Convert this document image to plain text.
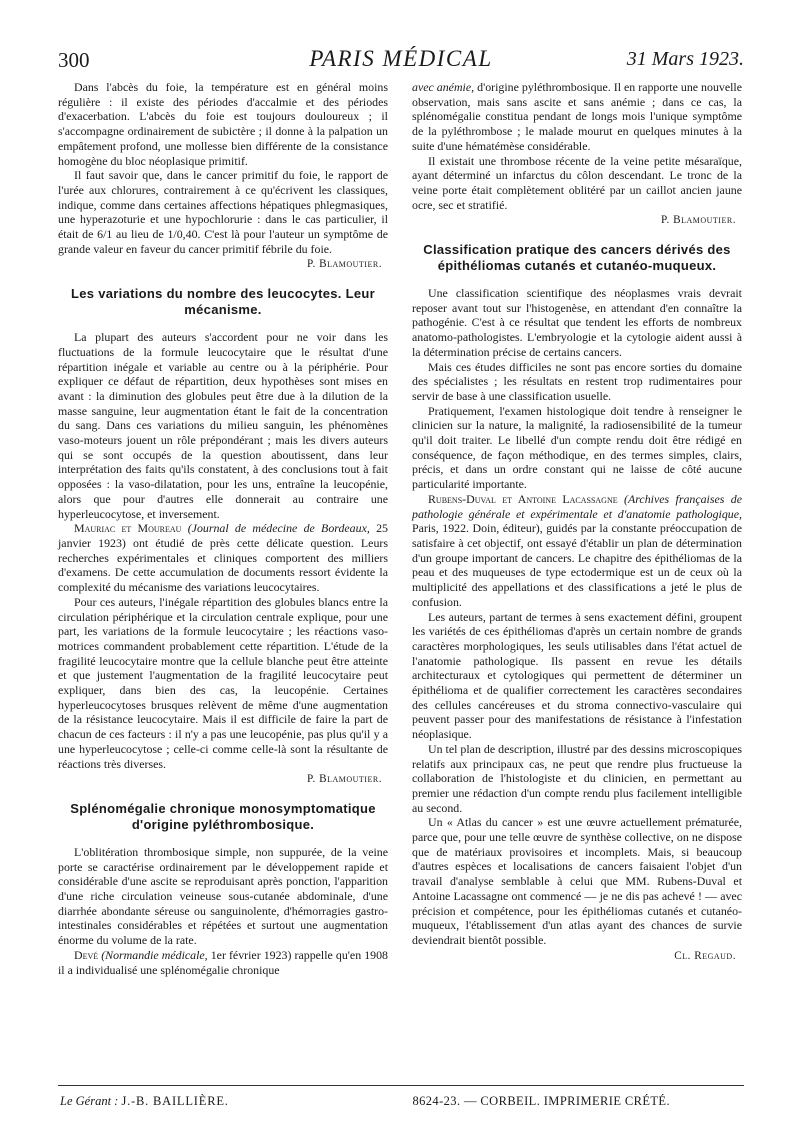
300	PARIS MÉDICAL	31 Mars 1923.

Dans l'abcès du foie, la température est en général moins régulière : il existe des périodes d'accalmie et des périodes d'exacerbation. L'abcès du foie est toujours douloureux ; il s'accompagne ordinairement de subictère ; il donne à la palpation un empâtement profond, une mollesse bien différente de la consistance homogène du bloc néoplasique primitif.

Il faut savoir que, dans le cancer primitif du foie, le rapport de l'urée aux chlorures, contrairement à ce qu'écrivent les classiques, indique, comme dans certaines affections hépatiques phlegmasiques, une hyperazoturie et une hypochlorurie : dans le cas particulier, il était de 6/1 au lieu de 1/0,40. C'est là pour l'auteur un symptôme de grande valeur en faveur du cancer primitif fébrile du foie.

P. Blamoutier.
Les variations du nombre des leucocytes. Leur mécanisme.

La plupart des auteurs s'accordent pour ne voir dans les fluctuations de la formule leucocytaire que le résultat d'une répartition inégale et variable au centre ou à la périphérie. Pour expliquer ce défaut de répartition, deux hypothèses sont mises en avant : la diminution des globules peut être due à la dilution de la masse sanguine, leur augmentation étant le fait de la concentration du sang. Dans ces variations du milieu sanguin, les phénomènes vaso-moteurs jouent un rôle prépondérant ; mais les divers auteurs qui se sont occupés de la question aboutissent, dans leur interprétation des faits qu'ils constatent, à des conclusions tout à fait opposées : la vaso-dilatation, pour les uns, entraîne la leucopénie, alors que pour d'autres elle donnerait au contraire une hyperleucocytose, et inversement.

Mauriac et Moureau (Journal de médecine de Bordeaux, 25 janvier 1923) ont étudié de près cette délicate question. Leurs recherches expérimentales et cliniques comportent des milliers d'examens. De cette accumulation de documents ressort évidente la complexité du mécanisme des variations leucocytaires.

Pour ces auteurs, l'inégale répartition des globules blancs entre la circulation périphérique et la circulation centrale explique, pour une part, les variations de la formule leucocytaire ; les réactions vaso-motrices commandent probablement cette répartition. L'étude de la fragilité leucocytaire montre que la cellule blanche peut être atteinte et que justement l'augmentation de la fragilité leucocytaire peut expliquer, dans bien des cas, la leucopénie. Certaines hyperleucocytoses brusques relèvent de même d'une augmentation de la résistance leucocytaire. Mais il est difficile de faire la part de chacun de ces facteurs : il n'y a pas une leucopénie, pas plus qu'il y a une hyperleucocytose ; celle-ci comme celle-là sont la résultante de réactions très diverses.

P. Blamoutier.
Splénomégalie chronique monosymptomatique d'origine pyléthrombosique.

L'oblitération thrombosique simple, non suppurée, de la veine porte se caractérise ordinairement par le développement rapide et considérable d'une ascite se reproduisant après ponction, l'apparition d'une riche circulation veineuse sous-cutanée abdominale, d'une diarrhée abondante séreuse ou sanguinolente, d'hémorragies gastro-intestinales considérables et répétées et surtout une augmentation énorme du volume de la rate.

Devé (Normandie médicale, 1er février 1923) rappelle qu'en 1908 il a individualisé une splénomégalie chronique

avec anémie, d'origine pyléthrombosique. Il en rapporte une nouvelle observation, mais sans ascite et sans anémie ; dans ce cas, la splénomégalie constitua pendant de longs mois l'unique symptôme de la pyléthrombose ; le malade mourut en quelques minutes à la suite d'une hématémèse considérable.

Il existait une thrombose récente de la veine petite mésaraïque, ayant déterminé un infarctus du côlon descendant. Le tronc de la veine porte était complètement oblitéré par un caillot ancien jaune ocre, sec et stratifié.

P. Blamoutier.
Classification pratique des cancers dérivés des épithéliomas cutanés et cutanéo-muqueux.

Une classification scientifique des néoplasmes vrais devrait reposer avant tout sur l'histogenèse, en attendant d'en connaître la pathogénie. C'est à ce résultat que tendent les efforts de nombreux anatomo-pathologistes. L'embryologie et la cytologie aident aussi à la détermination précise de certains cancers.

Mais ces études difficiles ne sont pas encore sorties du domaine des spécialistes ; les résultats en restent trop rudimentaires pour servir de base à une classification usuelle.

Pratiquement, l'examen histologique doit tendre à renseigner le clinicien sur la nature, la malignité, la radiosensibilité de la tumeur qu'il doit traiter. Le libellé d'un compte rendu doit être rédigé en conséquence, de façon méthodique, en des termes simples, clairs, précis, et dans un ordre constant qui ne laisse de côté aucune particularité importante.

Rubens-Duval et Antoine Lacassagne (Archives françaises de pathologie générale et expérimentale et d'anatomie pathologique, Paris, 1922. Doin, éditeur), guidés par la constante préoccupation de satisfaire à cet objectif, ont essayé d'établir un plan de détermination d'un groupe important de cancers. Le chapitre des épithéliomas de la peau et des muqueuses de type ectodermique est un de ceux où la multiplicité des appellations et des classifications a jeté le plus de confusion.

Les auteurs, partant de termes à sens exactement défini, groupent les variétés de ces épithéliomas d'après un certain nombre de grands caractères morphologiques, les seuls utilisables dans l'état actuel de l'anatomie pathologique. Ils passent en revue les détails architecturaux et cytologiques qui permettent de déterminer un épithélioma et de qualifier correctement les caractères secondaires des cellules cancéreuses et du stroma connectivo-vasculaire qui peuvent passer pour des manifestations de résistance à l'infestation néoplasique.

Un tel plan de description, illustré par des dessins microscopiques relatifs aux principaux cas, ne peut que rendre plus fructueuse la collaboration de l'histologiste et du clinicien, en permettant au premier une rédaction d'un compte rendu plus facilement intelligible au second.

Un « Atlas du cancer » est une œuvre actuellement prématurée, parce que, pour une telle œuvre de synthèse collective, on ne dispose que de matériaux provisoires et incomplets. Mais, si beaucoup d'autres espèces et localisations de cancers faisaient l'objet d'un travail d'analyse semblable à celui que MM. Rubens-Duval et Antoine Lacassagne ont commencé — je ne dis pas achevé ! — avec précision et compétence, pour les épithéliomas cutanés et cutanéo-muqueux, l'établissement d'un atlas ayant des chances de survie deviendrait bientôt possible.

Cl. Regaud.
Le Gérant : J.-B. BAILLIÈRE.	8624-23. — CORBEIL. IMPRIMERIE CRÉTÉ.
